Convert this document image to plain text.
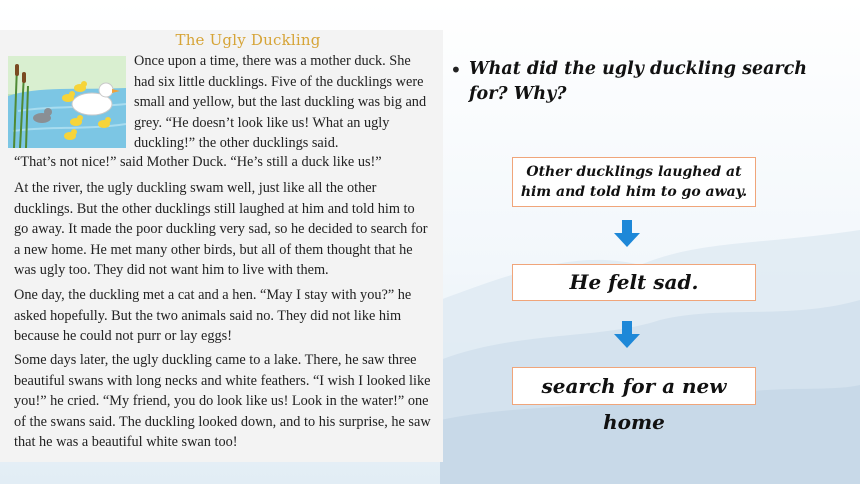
The Ugly Duckling

Once upon a time, there was a mother duck. She had six little ducklings. Five of the ducklings were small and yellow, but the last duckling was big and grey. “He doesn’t look like us! What an ugly duckling!” the other ducklings said.

“That’s not nice!” said Mother Duck. “He’s still a duck like us!”

At the river, the ugly duckling swam well, just like all the other ducklings. But the other ducklings still laughed at him and told him to go away. It made the poor duckling very sad, so he decided to search for a new home. He met many other birds, but all of them thought that he was ugly too. They did not want him to live with them.

One day, the duckling met a cat and a hen. “May I stay with you?” he asked hopefully. But the two animals said no. They did not like him because he could not purr or lay eggs!

Some days later, the ugly duckling came to a lake. There, he saw three beautiful swans with long necks and white feathers. “I wish I looked like you!” he cried. “My friend, you do look like us! Look in the water!” one of the swans said. The duckling looked down, and to his surprise, he saw that he was a beautiful white swan too!

• What did the ugly duckling search for? Why?
Other ducklings laughed at him and told him to go away.
He felt sad.
search for a new home
